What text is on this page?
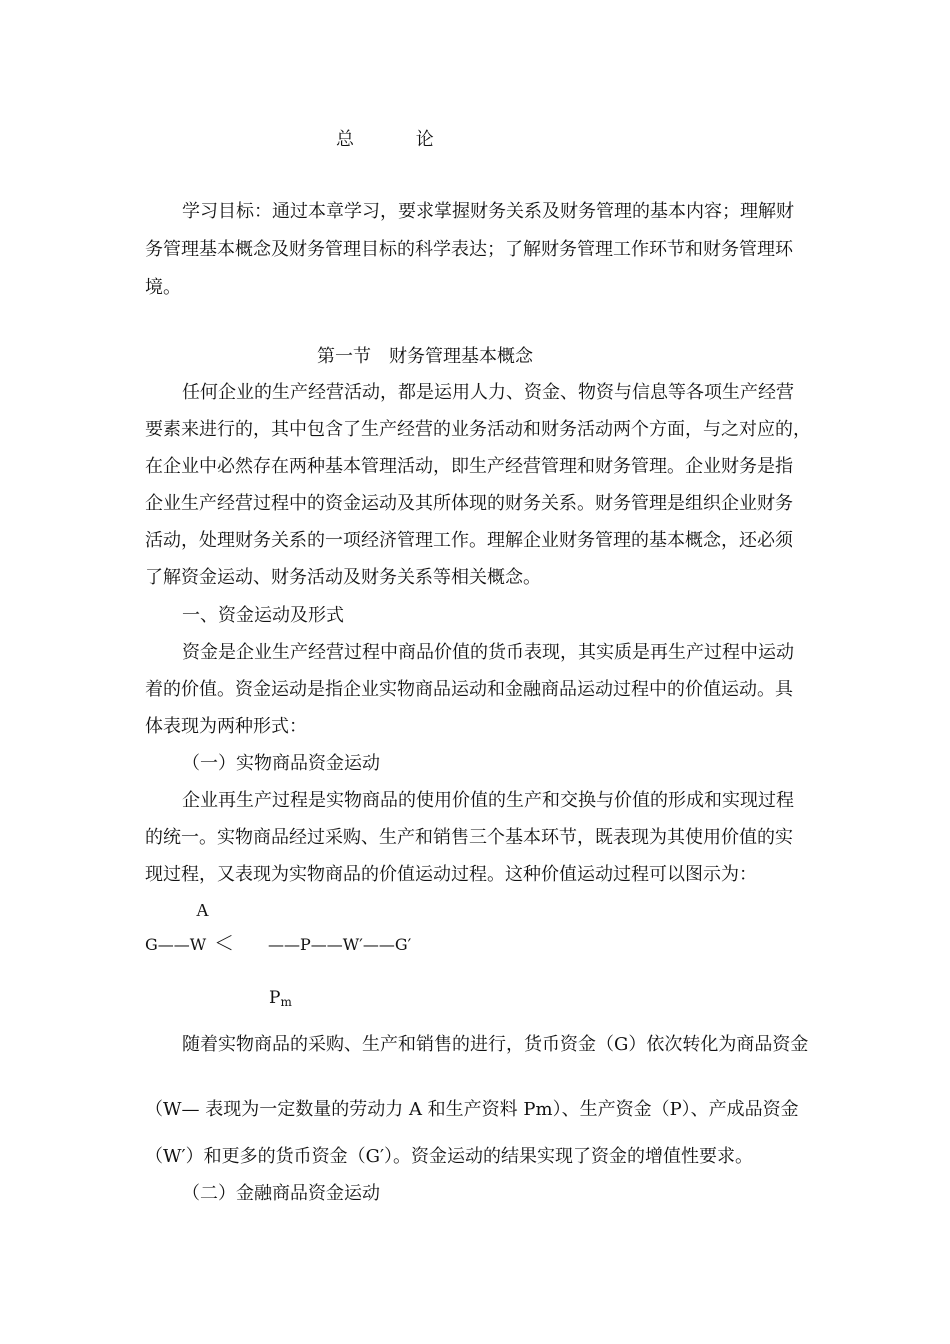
总 论
学习目标：通过本章学习，要求掌握财务关系及财务管理的基本内容；理解财
务管理基本概念及财务管理目标的科学表达；了解财务管理工作环节和财务管理环
境。
第一节　财务管理基本概念
任何企业的生产经营活动，都是运用人力、资金、物资与信息等各项生产经营
要素来进行的，其中包含了生产经营的业务活动和财务活动两个方面，与之对应的，
在企业中必然存在两种基本管理活动，即生产经营管理和财务管理。企业财务是指
企业生产经营过程中的资金运动及其所体现的财务关系。财务管理是组织企业财务
活动，处理财务关系的一项经济管理工作。理解企业财务管理的基本概念，还必须
了解资金运动、财务活动及财务关系等相关概念。
一、资金运动及形式
资金是企业生产经营过程中商品价值的货币表现，其实质是再生产过程中运动
着的价值。资金运动是指企业实物商品运动和金融商品运动过程中的价值运动。具
体表现为两种形式：
（一）实物商品资金运动
企业再生产过程是实物商品的使用价值的生产和交换与价值的形成和实现过程
的统一。实物商品经过采购、生产和销售三个基本环节，既表现为其使用价值的实
现过程，又表现为实物商品的价值运动过程。这种价值运动过程可以图示为：
A
G——W ＜ ——P——W′——G′
$P_m$
随着实物商品的采购、生产和销售的进行，货币资金（G）依次转化为商品资金
（W— 表现为一定数量的劳动力 A 和生产资料 Pm）、生产资金（P）、产成品资金
（W′）和更多的货币资金（G′）。资金运动的结果实现了资金的增值性要求。
（二）金融商品资金运动
